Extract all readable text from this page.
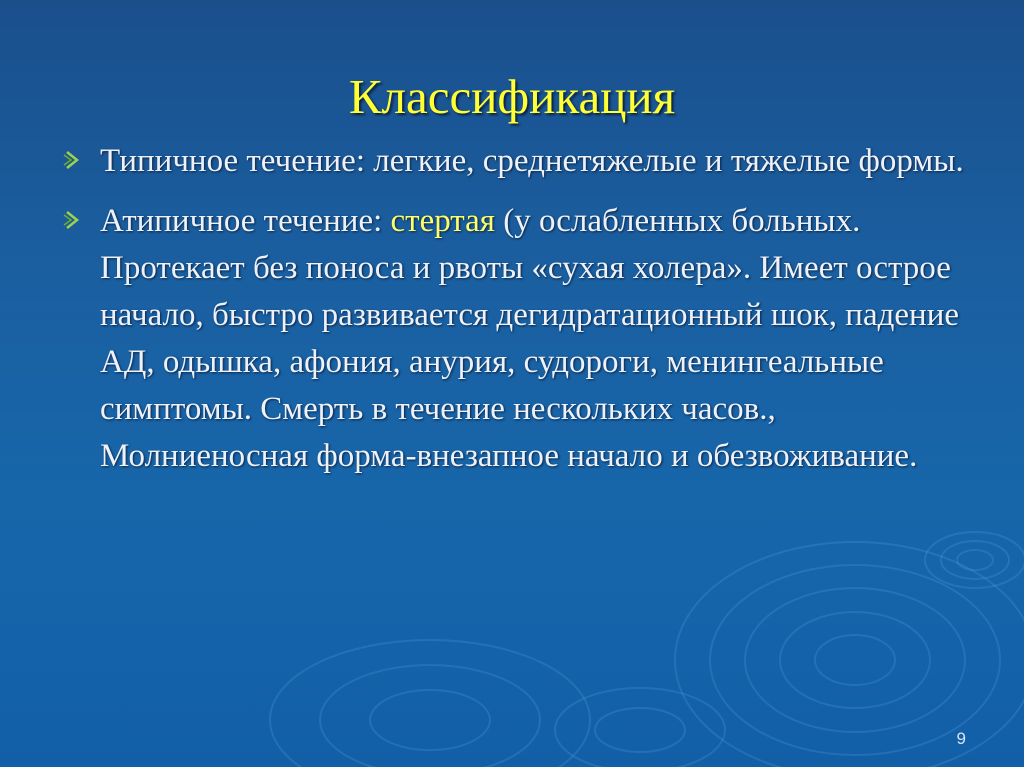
Классификация
Типичное течение: легкие, среднетяжелые и тяжелые формы.
Атипичное течение: стертая (у ослабленных больных. Протекает без поноса и рвоты «сухая холера». Имеет острое начало, быстро развивается дегидратационный шок, падение АД, одышка, афония, анурия, судороги, менингеальные симптомы. Смерть в течение нескольких часов., Молниеносная форма-внезапное начало и обезвоживание.
9
